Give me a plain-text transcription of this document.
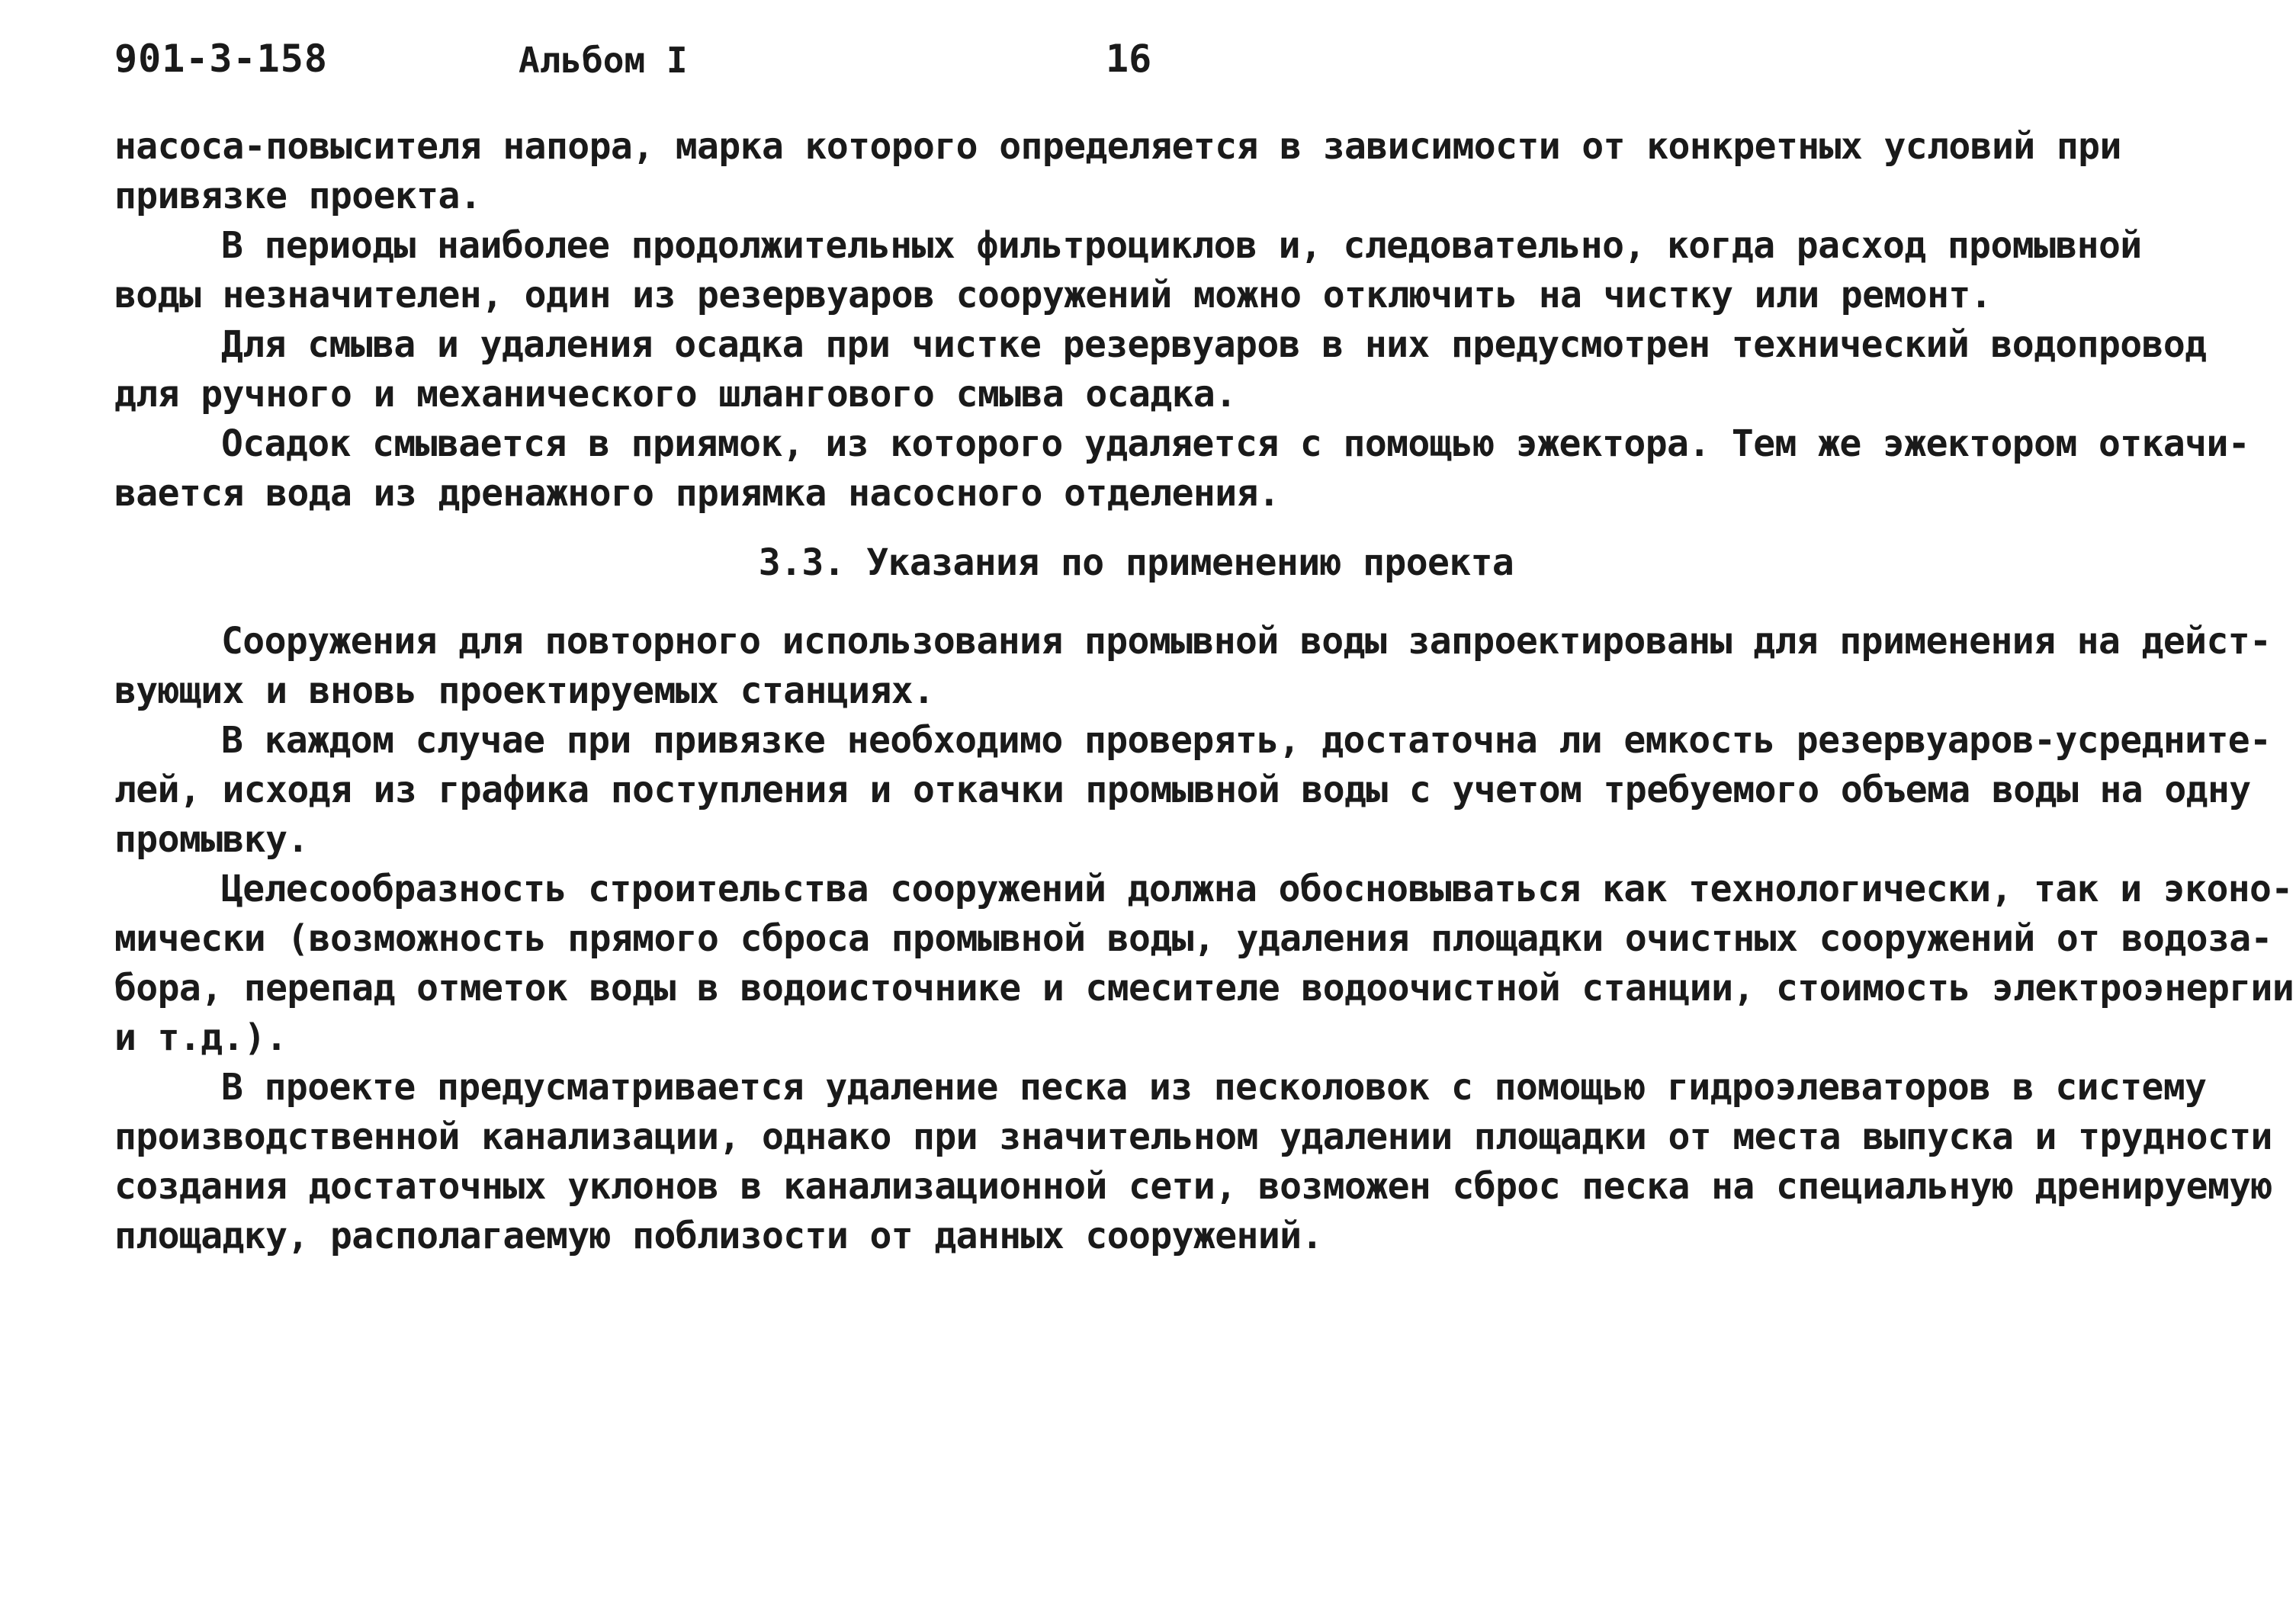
901-3-158	Альбом I	16
насоса-повысителя напора, марка которого определяется в зависимости от конкретных условий при
привязке проекта.
В периоды наиболее продолжительных фильтроциклов и, следовательно, когда расход промывной
воды незначителен, один из резервуаров сооружений можно отключить на чистку или ремонт.
Для смыва и удаления осадка при чистке резервуаров в них предусмотрен технический водопровод
для ручного и механического шлангового смыва осадка.
Осадок смывается в приямок, из которого удаляется с помощью эжектора. Тем же эжектором откачи-
вается вода из дренажного приямка насосного отделения.
3.3. Указания по применению проекта
Сооружения для повторного использования промывной воды запроектированы для применения на дейст-
вующих и вновь проектируемых станциях.
В каждом случае при привязке необходимо проверять, достаточна ли емкость резервуаров-усредните-
лей, исходя из графика поступления и откачки промывной воды с учетом требуемого объема воды на одну
промывку.
Целесообразность строительства сооружений должна обосновываться как технологически, так и эконо-
мически (возможность прямого сброса промывной воды, удаления площадки очистных сооружений от водоза-
бора, перепад отметок воды в водоисточнике и смесителе водоочистной станции, стоимость электроэнергии
и т.д.).
В проекте предусматривается удаление песка из песколовок с помощью гидроэлеваторов в систему
производственной канализации, однако при значительном удалении площадки от места выпуска и трудности
создания достаточных уклонов в канализационной сети, возможен сброс песка на специальную дренируемую
площадку, располагаемую поблизости от данных сооружений.
